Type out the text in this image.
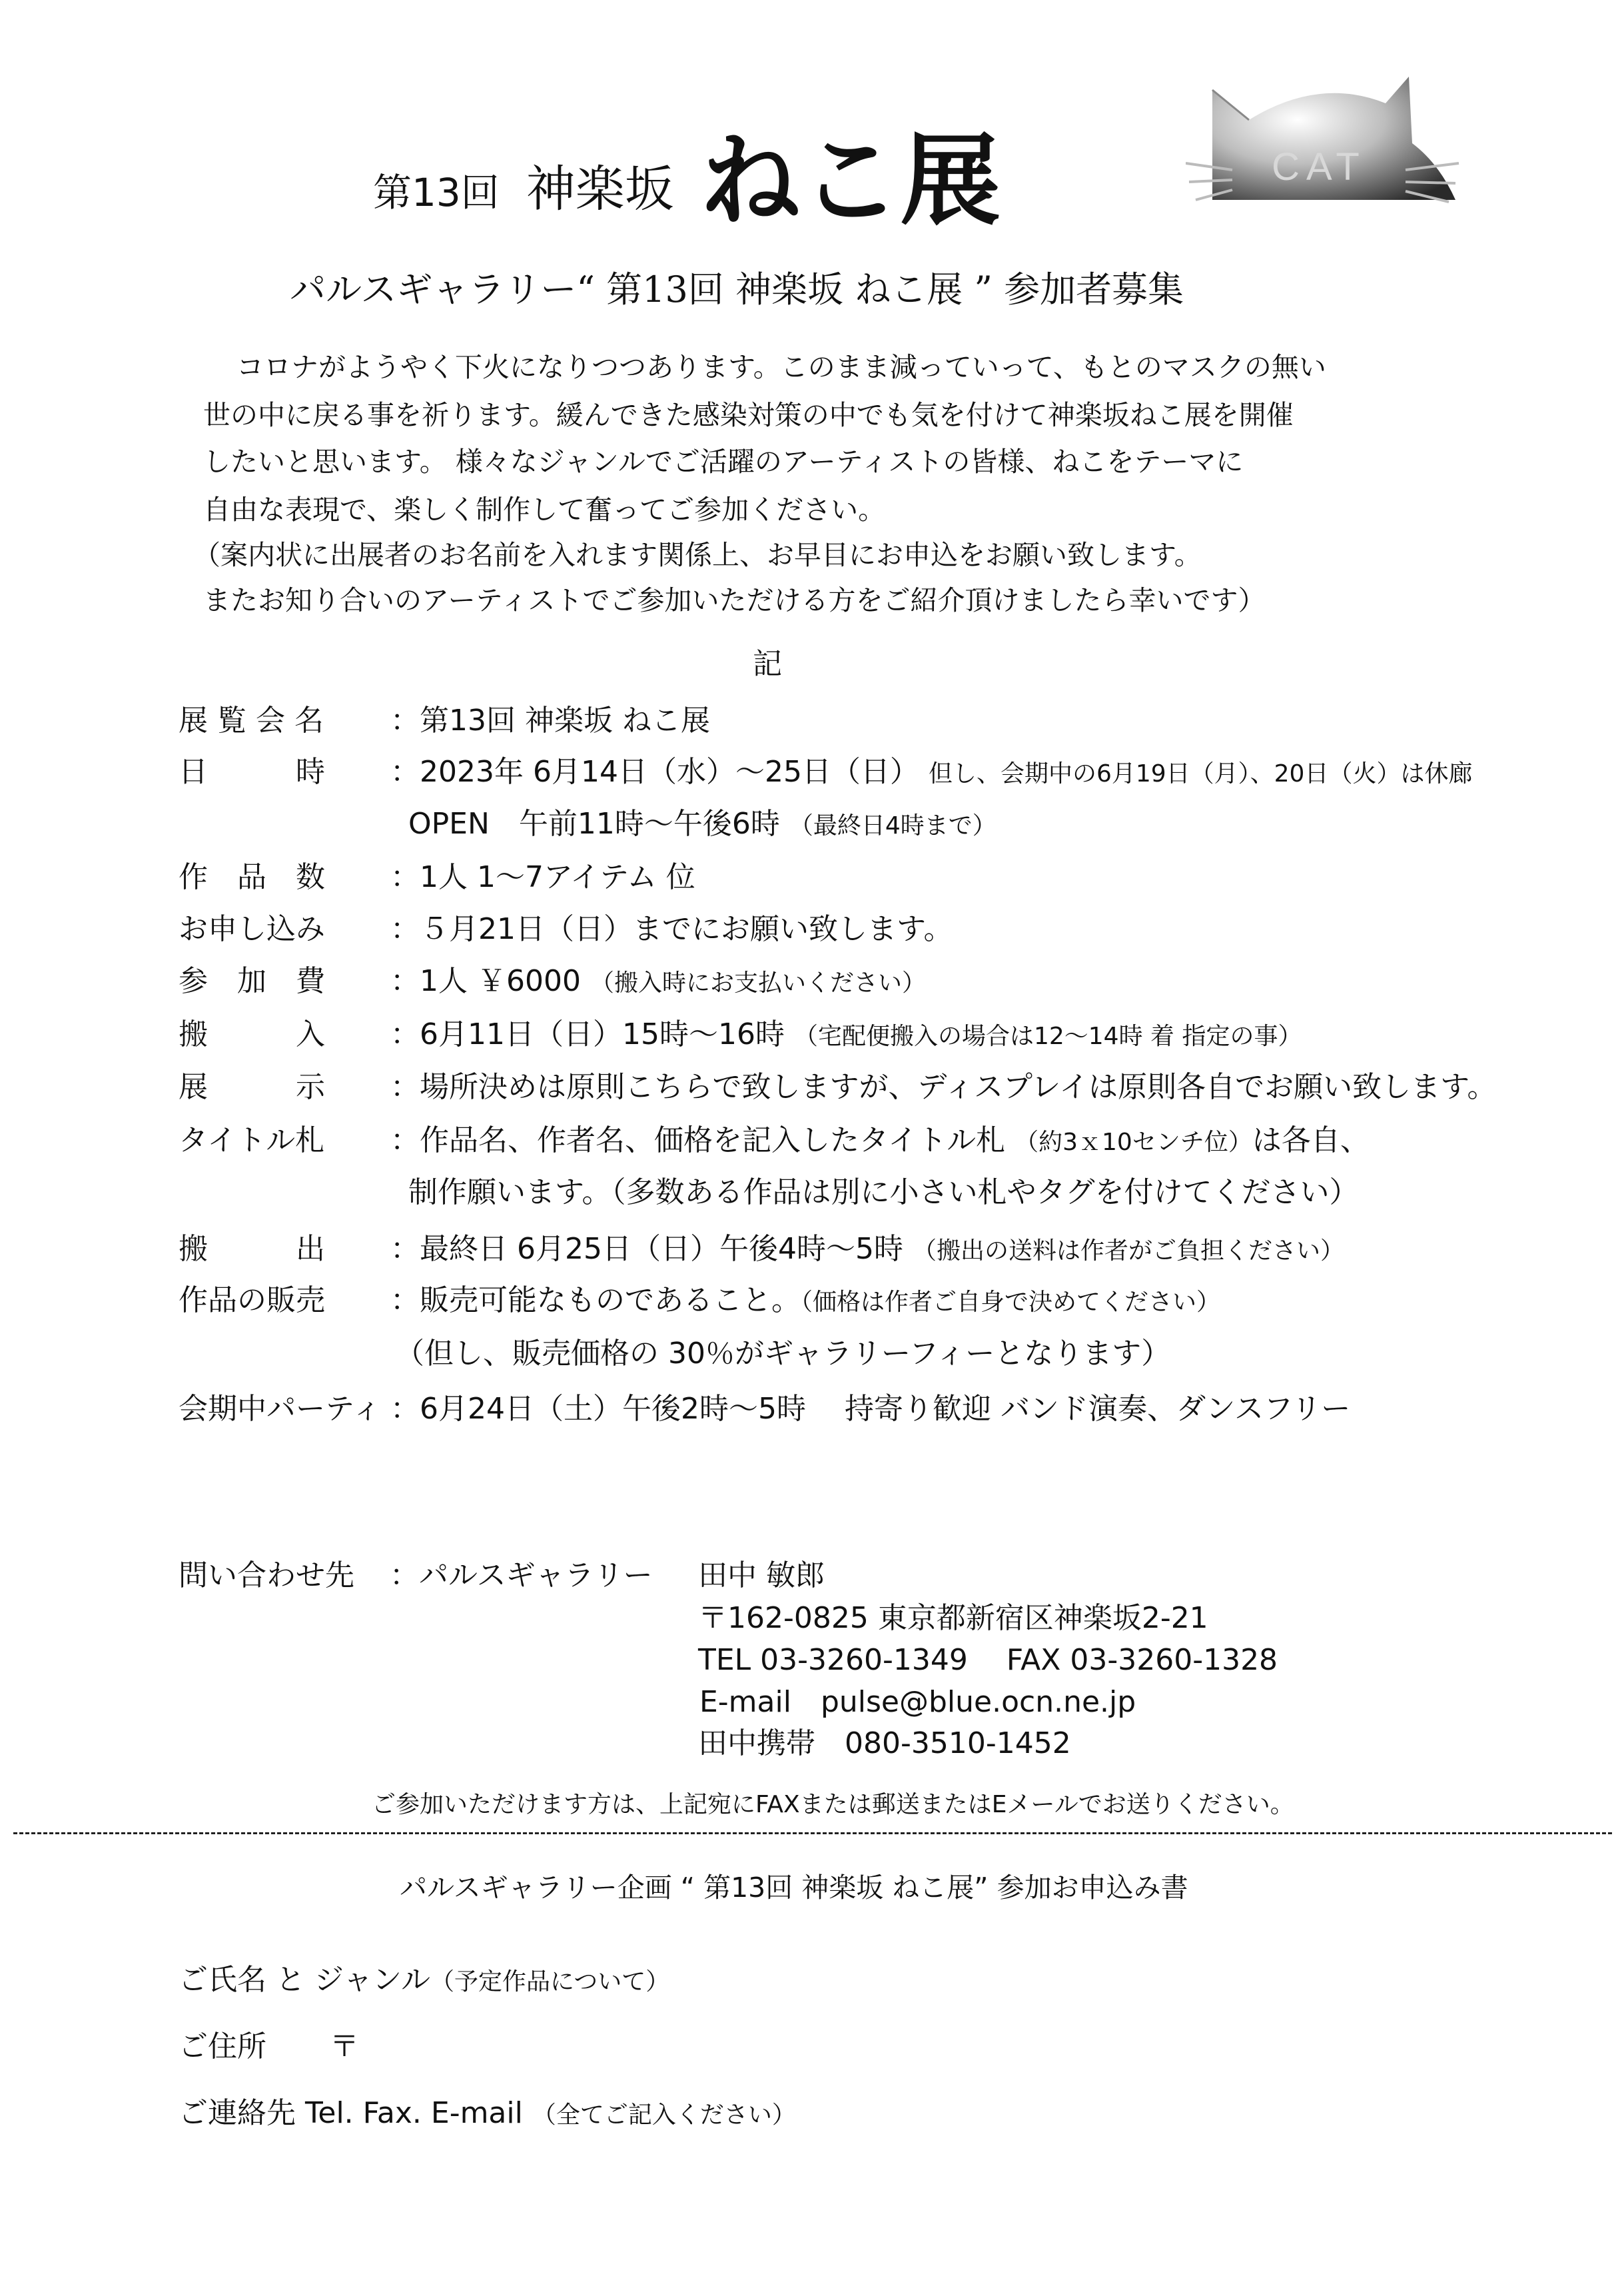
第13回 神楽坂 ねこ展	CAT
パルスギャラリー“ 第13回 神楽坂 ねこ展 ” 参加者募集
コロナがようやく下火になりつつあります。このまま減っていって、もとのマスクの無い
世の中に戻る事を祈ります。緩んできた感染対策の中でも気を付けて神楽坂ねこ展を開催
したいと思います。 様々なジャンルでご活躍のアーティストの皆様、ねこをテーマに
自由な表現で、楽しく制作して奮ってご参加ください。
（案内状に出展者のお名前を入れます関係上、お早目にお申込をお願い致します。
またお知り合いのアーティストでご参加いただける方をご紹介頂けましたら幸いです）
記
展 覧 会 名 ：第13回 神楽坂 ねこ展
日　　　時 ：2023年 6月14日（水）～25日（日） 但し、会期中の6月19日（月）、20日（火）は休廊
OPEN　午前11時～午後6時 （最終日4時まで）
作　品　数 ：1人 1～7アイテム 位
お申し込み ：５月21日（日）までにお願い致します。
参　加　費 ：1人 ￥6000 （搬入時にお支払いください）
搬　　　入 ：6月11日（日）15時～16時 （宅配便搬入の場合は12～14時 着 指定の事）
展　　　示 ：場所決めは原則こちらで致しますが、ディスプレイは原則各自でお願い致します。
タイトル札 ：作品名、作者名、価格を記入したタイトル札 （約3ｘ10センチ位）は各自、
制作願います。（多数ある作品は別に小さい札やタグを付けてください）
搬　　　出 ：最終日 6月25日（日）午後4時～5時 （搬出の送料は作者がご負担ください）
作品の販売 ：販売可能なものであること。（価格は作者ご自身で決めてください）
（但し、販売価格の 30％がギャラリーフィーとなります）
会期中パーティ ：6月24日（土）午後2時～5時　 持寄り歓迎 バンド演奏、ダンスフリー
問い合わせ先 ：パルスギャラリー 田中 敏郎
〒162-0825 東京都新宿区神楽坂2-21
TEL 03-3260-1349　 FAX 03-3260-1328
E-mail　pulse@blue.ocn.ne.jp
田中携帯　080-3510-1452
ご参加いただけます方は、上記宛にFAXまたは郵送またはEメールでお送りください。
パルスギャラリー企画 “ 第13回 神楽坂 ねこ展” 参加お申込み書
ご氏名 と ジャンル（予定作品について）
ご住所 〒
ご連絡先 Tel. Fax. E-mail （全てご記入ください）
